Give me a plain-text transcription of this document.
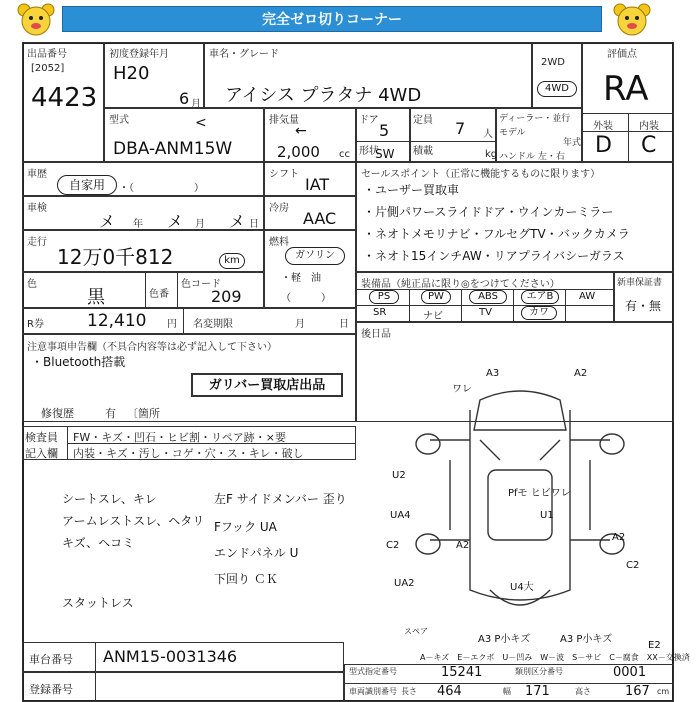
完全ゼロ切りコーナー
出品番号
[2052]
4423
初度登録年月
H20
6 月
車名・グレード
アイシス プラタナ 4WD
2WD
4WD
評価点
RA
外装	内装
D C
型式	<
DBA-ANM15W
排気量
←
2,000 cc
ドア
5
形状
SW
定員 7 人
積載	kg
ディーラー・並行
モデル
年式
ハンドル 左・右
車歴
自家用	・（　　　　　　）
シフト
IAT
車検
メ 年 メ 月 メ 日
冷房
AAC
走行
12万0千812	km
燃料
ガソリン
・軽　油
（　　　）
色
黒	色番
色コード
209
セールスポイント（正常に機能するものに限ります）
・ユーザー買取車
・片側パワースライドドア・ウインカーミラー
・ネオトメモリナビ・フルセグTV・バックカメラ
・ネオト15インチAW・リアプライバシーガラス
装備品（純正品に限り◎をつけてください）
PS	PW	ABS	エアB	AW
SR	ナビ	TV	カワ
新車保証書
有・無
後日品
R券	12,410 円 名変期限	月	日
注意事項申告欄（不具合内容等は必ず記入して下さい）
・Bluetooth搭載
ガリバー買取店出品
修復歴	有 〔箇所
検査員
記入欄
FW・キズ・凹石・ヒビ割・リペア跡・×要
内装・キズ・汚し・コゲ・穴・ス・キレ・破し
シートスレ、キレ
アームレストスレ、ヘタリ
キズ、ヘコミ
スタットレス
左F サイドメンバー 歪り
Fフック UA
エンドパネル U
下回り ＣＫ
A3	A2
ワレ
U2
UA4
C2	A2
A2
C2
U4大
A3 P小キズ	A3 P小キズ
E2
Pfモ ヒビワレ
U1
UA2
スペア
A－キズ　E－エクボ　U－凹み　W－波　S－サビ　C－腐食　XX－交換済
車台番号 ANM15-0031346
登録番号
型式指定番号	15241	類別区分番号	0001
車両識別番号 長さ 464	幅 171	高さ	167 cm
